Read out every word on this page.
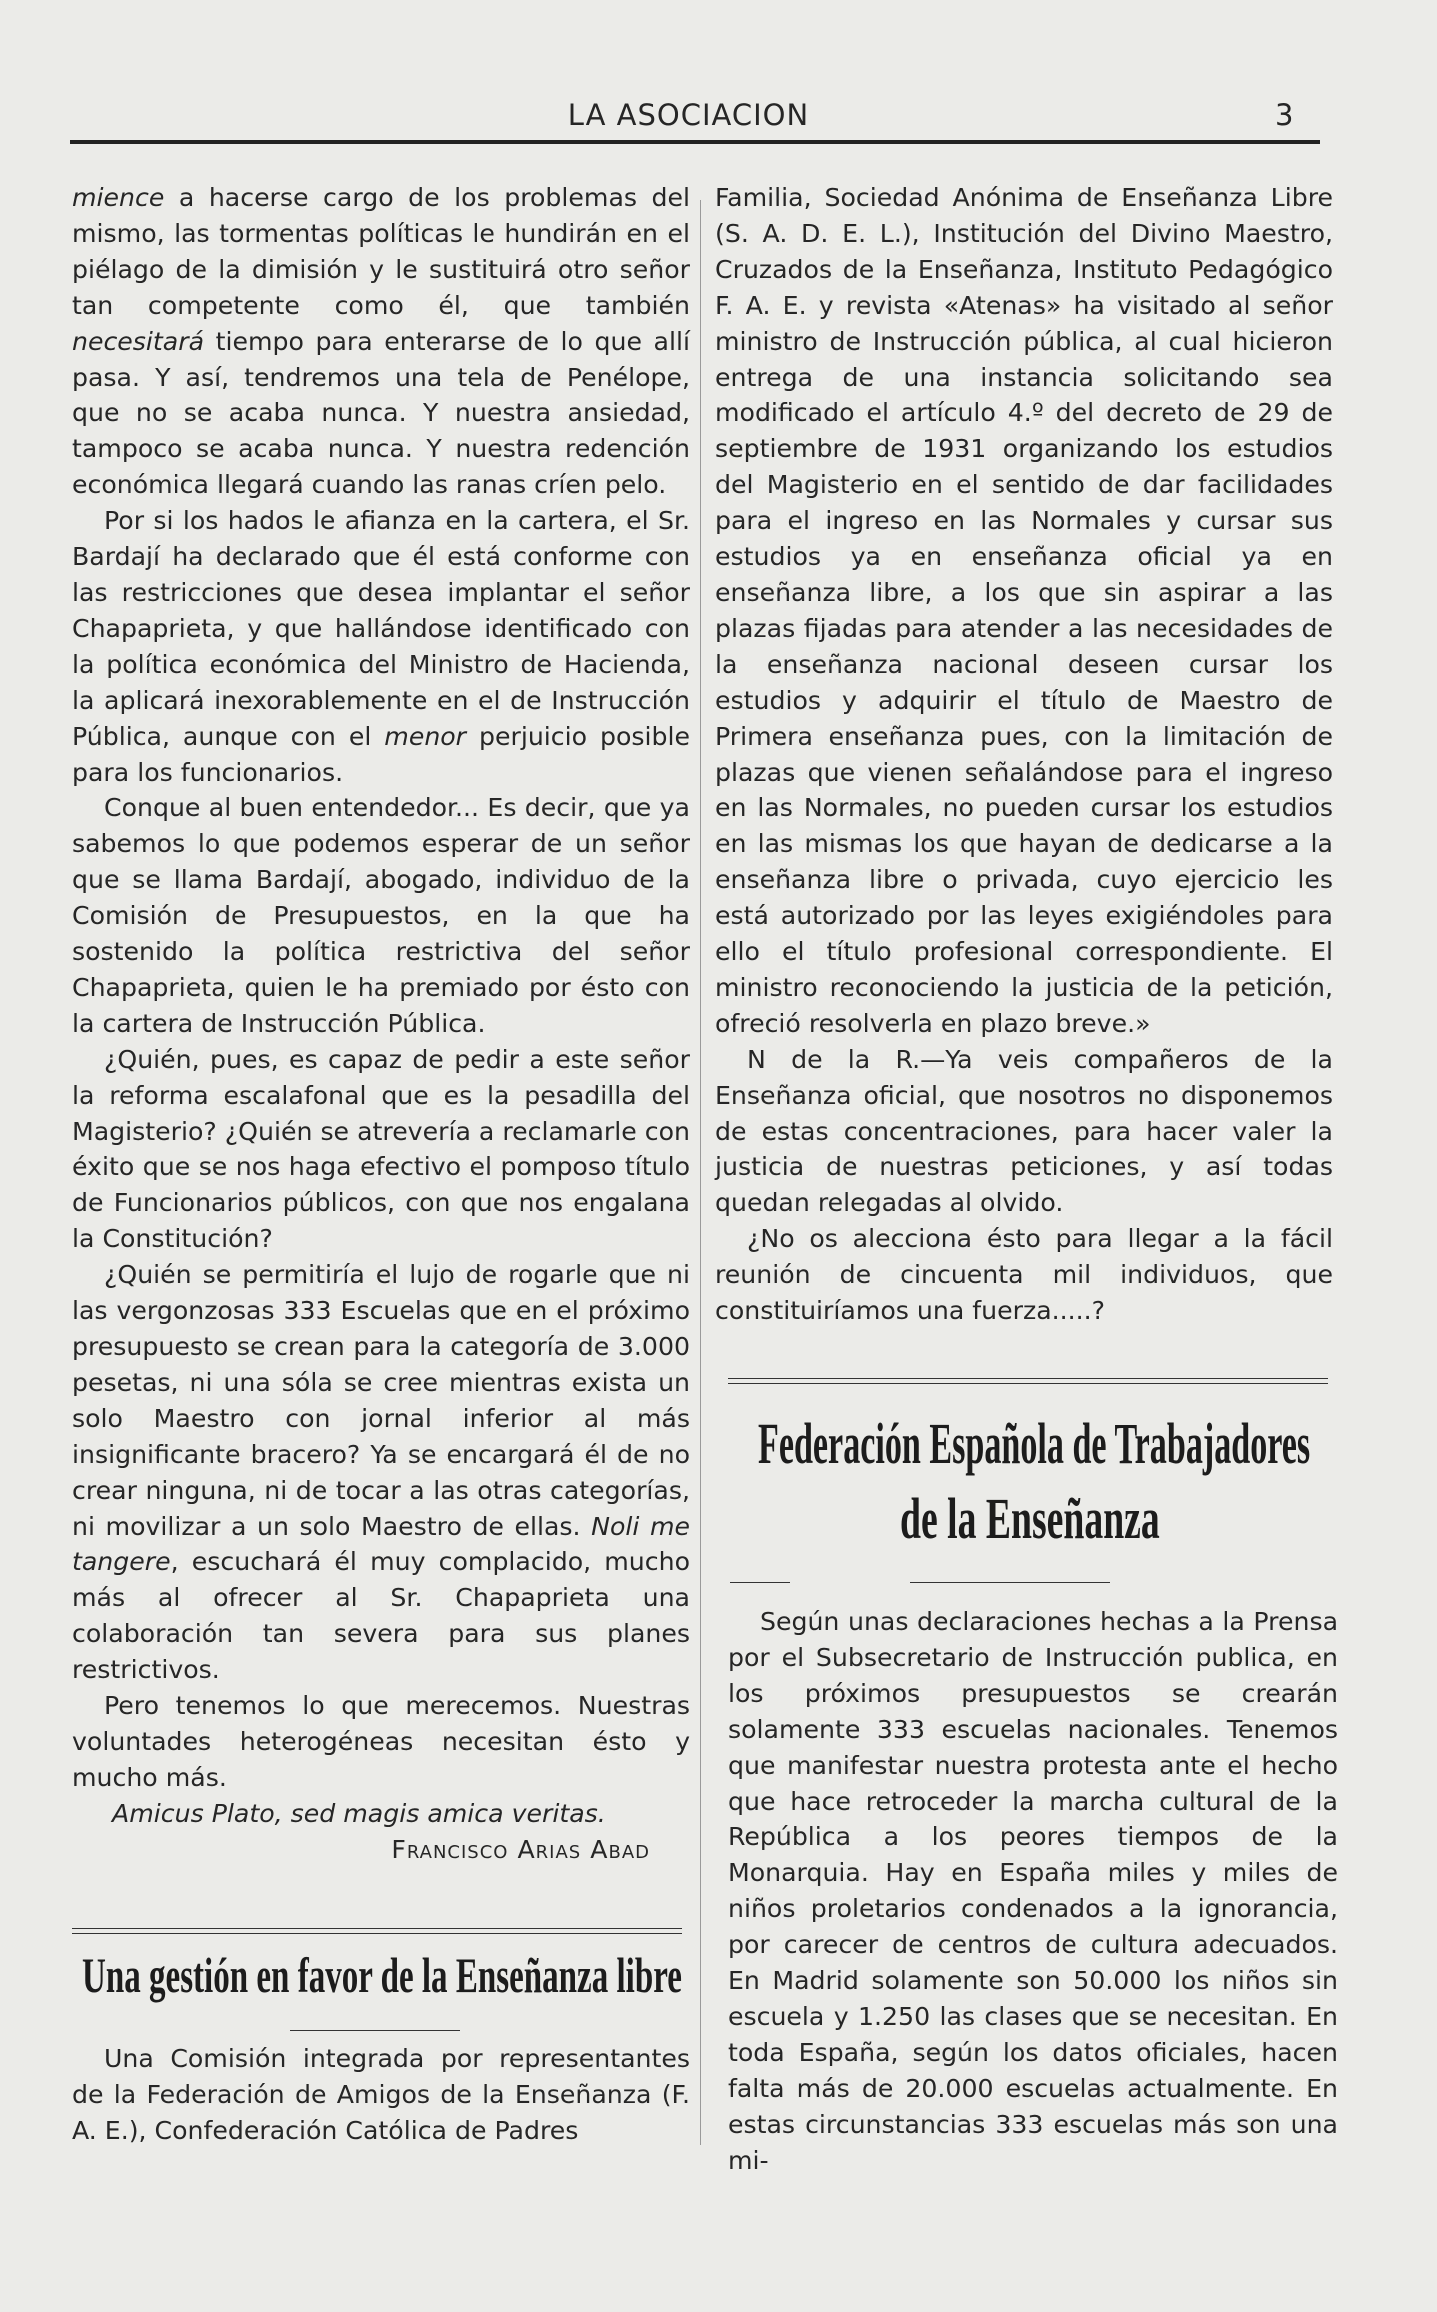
LA ASOCIACION	3

mience a hacerse cargo de los problemas del mismo, las tormentas políticas le hundirán en el piélago de la dimisión y le sustituirá otro señor tan competente como él, que también necesitará tiempo para enterarse de lo que allí pasa. Y así, tendremos una tela de Penélope, que no se acaba nunca. Y nuestra ansiedad, tampoco se acaba nunca. Y nuestra redención económica llegará cuando las ranas críen pelo.

Por si los hados le afianza en la cartera, el Sr. Bardají ha declarado que él está conforme con las restricciones que desea implantar el señor Chapaprieta, y que hallándose identificado con la política económica del Ministro de Hacienda, la aplicará inexorablemente en el de Instrucción Pública, aunque con el menor perjuicio posible para los funcionarios.

Conque al buen entendedor... Es decir, que ya sabemos lo que podemos esperar de un señor que se llama Bardají, abogado, individuo de la Comisión de Presupuestos, en la que ha sostenido la política restrictiva del señor Chapaprieta, quien le ha premiado por ésto con la cartera de Instrucción Pública.

¿Quién, pues, es capaz de pedir a este señor la reforma escalafonal que es la pesadilla del Magisterio? ¿Quién se atrevería a reclamarle con éxito que se nos haga efectivo el pomposo título de Funcionarios públicos, con que nos engalana la Constitución?

¿Quién se permitiría el lujo de rogarle que ni las vergonzosas 333 Escuelas que en el próximo presupuesto se crean para la categoría de 3.000 pesetas, ni una sóla se cree mientras exista un solo Maestro con jornal inferior al más insignificante bracero? Ya se encargará él de no crear ninguna, ni de tocar a las otras categorías, ni movilizar a un solo Maestro de ellas. Noli me tangere, escuchará él muy complacido, mucho más al ofrecer al Sr. Chapaprieta una colaboración tan severa para sus planes restrictivos.

Pero tenemos lo que merecemos. Nuestras voluntades heterogéneas necesitan ésto y mucho más.

Amicus Plato, sed magis amica veritas.

Francisco Arias Abad

Una gestión en favor de la Enseñanza libre

Una Comisión integrada por representantes de la Federación de Amigos de la Enseñanza (F. A. E.), Confederación Católica de Padres

Familia, Sociedad Anónima de Enseñanza Libre (S. A. D. E. L.), Institución del Divino Maestro, Cruzados de la Enseñanza, Instituto Pedagógico F. A. E. y revista «Atenas» ha visitado al señor ministro de Instrucción pública, al cual hicieron entrega de una instancia solicitando sea modificado el artículo 4.º del decreto de 29 de septiembre de 1931 organizando los estudios del Magisterio en el sentido de dar facilidades para el ingreso en las Normales y cursar sus estudios ya en enseñanza oficial ya en enseñanza libre, a los que sin aspirar a las plazas fijadas para atender a las necesidades de la enseñanza nacional deseen cursar los estudios y adquirir el título de Maestro de Primera enseñanza pues, con la limitación de plazas que vienen señalándose para el ingreso en las Normales, no pueden cursar los estudios en las mismas los que hayan de dedicarse a la enseñanza libre o privada, cuyo ejercicio les está autorizado por las leyes exigiéndoles para ello el título profesional correspondiente. El ministro reconociendo la justicia de la petición, ofreció resolverla en plazo breve.»

N de la R.—Ya veis compañeros de la Enseñanza oficial, que nosotros no disponemos de estas concentraciones, para hacer valer la justicia de nuestras peticiones, y así todas quedan relegadas al olvido.

¿No os alecciona ésto para llegar a la fácil reunión de cincuenta mil individuos, que constituiríamos una fuerza.....?

Federación Española de Trabajadores
de la Enseñanza

Según unas declaraciones hechas a la Prensa por el Subsecretario de Instrucción publica, en los próximos presupuestos se crearán solamente 333 escuelas nacionales. Tenemos que manifestar nuestra protesta ante el hecho que hace retroceder la marcha cultural de la República a los peores tiempos de la Monarquia. Hay en España miles y miles de niños proletarios condenados a la ignorancia, por carecer de centros de cultura adecuados. En Madrid solamente son 50.000 los niños sin escuela y 1.250 las clases que se necesitan. En toda España, según los datos oficiales, hacen falta más de 20.000 escuelas actualmente. En estas circunstancias 333 escuelas más son una mi-
